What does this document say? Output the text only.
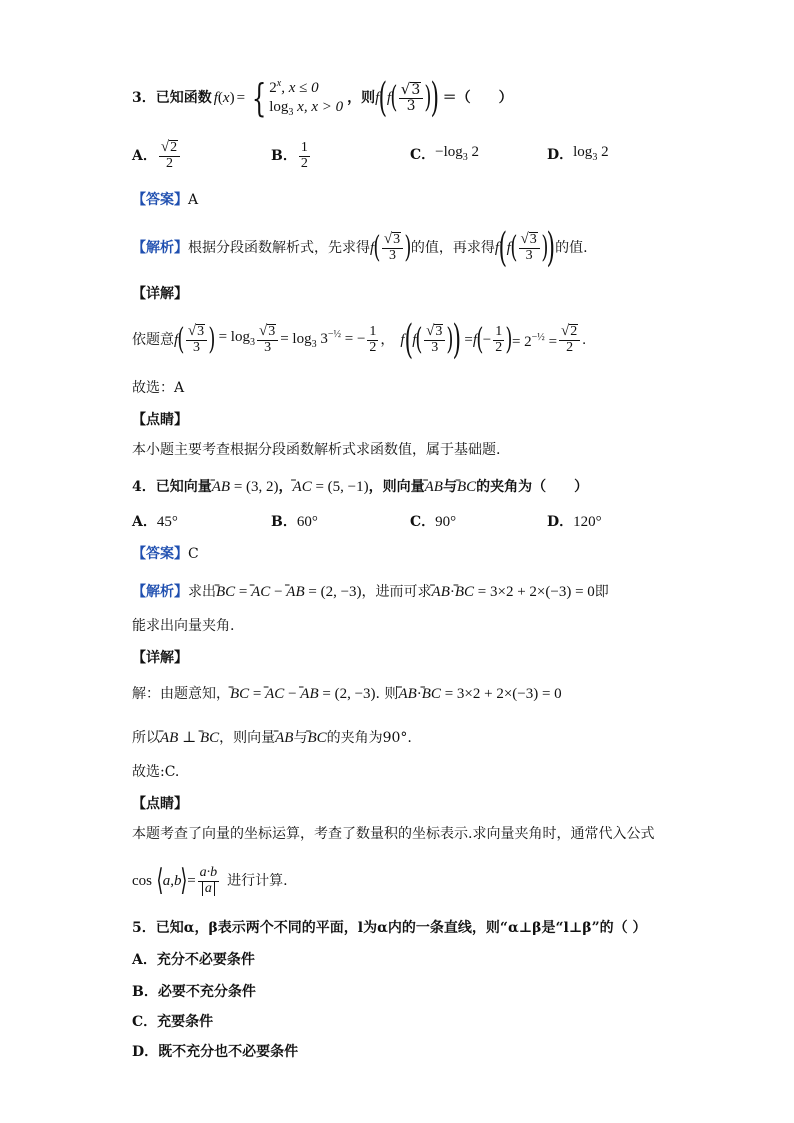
3．已知函数 f ( x ) = { 2$^x$, x ≤ 0
$\log_3 x$, x > 0
，则 f ( f ( $\frac{√ 3}{3}$ )
) ＝（　　）
A． $\frac{√ 2}{2}$	B． $\frac{1}{2}$	C． $-\log_3$ 2	D． $\log_3 2$
【答案】A
【解析】 根据分段函数解析式，先求得 f ( $\frac{√ 3}{3}$ ) 的值，再求得 f ( f ( $\frac{√ 3}{3}$ )
) 的值.
【详解】
依题意 f ( $\frac{√ 3}{3}$ ) = $\log_3 \frac{√ 3}{3} = \log_3 3^{-\frac{1}{2}}$ = − $\frac{1}{2}$ ， f ( f ( $\frac{√ 3}{3}$ )
) = f ( − $\frac{1}{2}$ ) = $2^{-\frac{1}{2}} = \frac{√ 2}{2}$ .
故选：A
【点睛】
本小题主要考查根据分段函数解析式求函数值，属于基础题.
4．已知向量 ̳̳̳ AB = (3, 2) ， ̳̳̳ AC = (5, −1) ，则向量 ̳̳̳ AB 与 ̳̳̳ BC 的夹角为（　　）
A．45°	B．60°	C．90°	D．120°
【答案】C
【解析】 求出 ̳̳̳ BC = ̳̳̳ AC − ̳̳̳ AB = (2, −3) ，进而可求 ̳̳̳ AB·̳̳̳ BC = 3×2 + 2×(−3) = 0 即
能求出向量夹角.
【详解】
解：由题意知， ̳̳̳ BC = ̳̳̳ AC − ̳̳̳ AB = (2, −3) . 则 ̳̳̳ AB·̳̳̳ BC = 3×2 + 2×(−3) = 0
所以 ̳̳̳ AB ⊥ ̳̳̳ BC ，则向量 ̳̳̳ AB 与 ̳̳̳ BC 的夹角为90°.
故选:C.
【点睛】
本题考查了向量的坐标运算，考查了数量积的坐标表示.求向量夹角时，通常代入公式
cos ⟨ a , b ⟩ = $\frac{a\cdot b}{a}$ 进行计算.
5．已知α，β表示两个不同的平面，l为α内的一条直线，则“α⊥β是“l⊥β”的（ ）
A．充分不必要条件
B．必要不充分条件
C．充要条件
D．既不充分也不必要条件
